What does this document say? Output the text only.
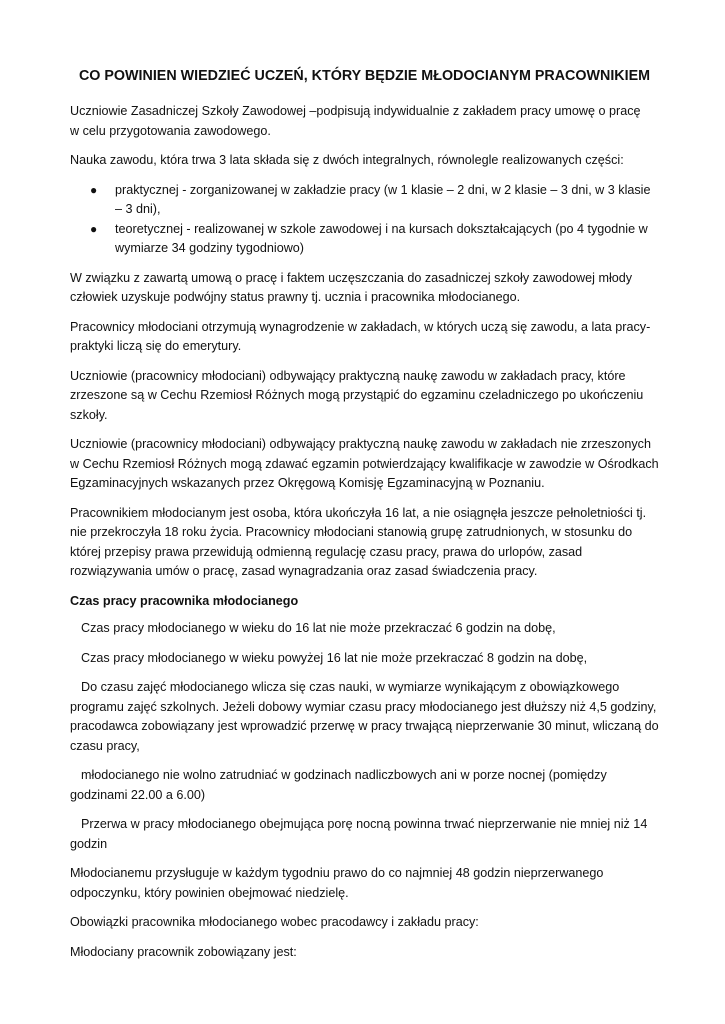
CO POWINIEN WIEDZIEĆ UCZEŃ, KTÓRY BĘDZIE MŁODOCIANYM PRACOWNIKIEM

Uczniowie Zasadniczej Szkoły Zawodowej –podpisują indywidualnie z zakładem pracy umowę o pracę
w celu przygotowania zawodowego.

Nauka zawodu, która trwa 3 lata składa się z dwóch integralnych, równolegle realizowanych części:

● praktycznej - zorganizowanej w zakładzie pracy (w 1 klasie – 2 dni, w 2 klasie – 3 dni, w 3 klasie – 3 dni),
● teoretycznej - realizowanej w szkole zawodowej i na kursach dokształcających (po 4 tygodnie w wymiarze 34 godziny tygodniowo)

W związku z zawartą umową o pracę i faktem uczęszczania do zasadniczej szkoły zawodowej młody człowiek uzyskuje podwójny status prawny tj. ucznia i pracownika młodocianego.

Pracownicy młodociani otrzymują wynagrodzenie w zakładach, w których uczą się zawodu, a lata pracy-praktyki liczą się do emerytury.

Uczniowie (pracownicy młodociani) odbywający praktyczną naukę zawodu w zakładach pracy, które zrzeszone są w Cechu Rzemiosł Różnych mogą przystąpić do egzaminu czeladniczego po ukończeniu szkoły.

Uczniowie (pracownicy młodociani) odbywający praktyczną naukę zawodu w zakładach nie zrzeszonych
w Cechu Rzemiosł Różnych mogą zdawać egzamin potwierdzający kwalifikacje w zawodzie w Ośrodkach Egzaminacyjnych wskazanych przez Okręgową Komisję Egzaminacyjną w Poznaniu.

Pracownikiem młodocianym jest osoba, która ukończyła 16 lat, a nie osiągnęła jeszcze pełnoletniości tj. nie przekroczyła 18 roku życia. Pracownicy młodociani stanowią grupę zatrudnionych, w stosunku do której przepisy prawa przewidują odmienną regulację czasu pracy, prawa do urlopów, zasad rozwiązywania umów o pracę, zasad wynagradzania oraz zasad świadczenia pracy.

Czas pracy pracownika młodocianego

Czas pracy młodocianego w wieku do 16 lat nie może przekraczać 6 godzin na dobę,

Czas pracy młodocianego w wieku powyżej 16 lat nie może przekraczać 8 godzin na dobę,

Do czasu zajęć młodocianego wlicza się czas nauki, w wymiarze wynikającym z obowiązkowego programu zajęć szkolnych. Jeżeli dobowy wymiar czasu pracy młodocianego jest dłuższy niż 4,5 godziny, pracodawca zobowiązany jest wprowadzić przerwę w pracy trwającą nieprzerwanie 30 minut, wliczaną do czasu pracy,

młodocianego nie wolno zatrudniać w godzinach nadliczbowych ani w porze nocnej (pomiędzy godzinami 22.00 a 6.00)

Przerwa w pracy młodocianego obejmująca porę nocną powinna trwać nieprzerwanie nie mniej niż 14 godzin

Młodocianemu przysługuje w każdym tygodniu prawo do co najmniej 48 godzin nieprzerwanego odpoczynku, który powinien obejmować niedzielę.

Obowiązki pracownika młodocianego wobec pracodawcy i zakładu pracy:

Młodociany pracownik zobowiązany jest:
